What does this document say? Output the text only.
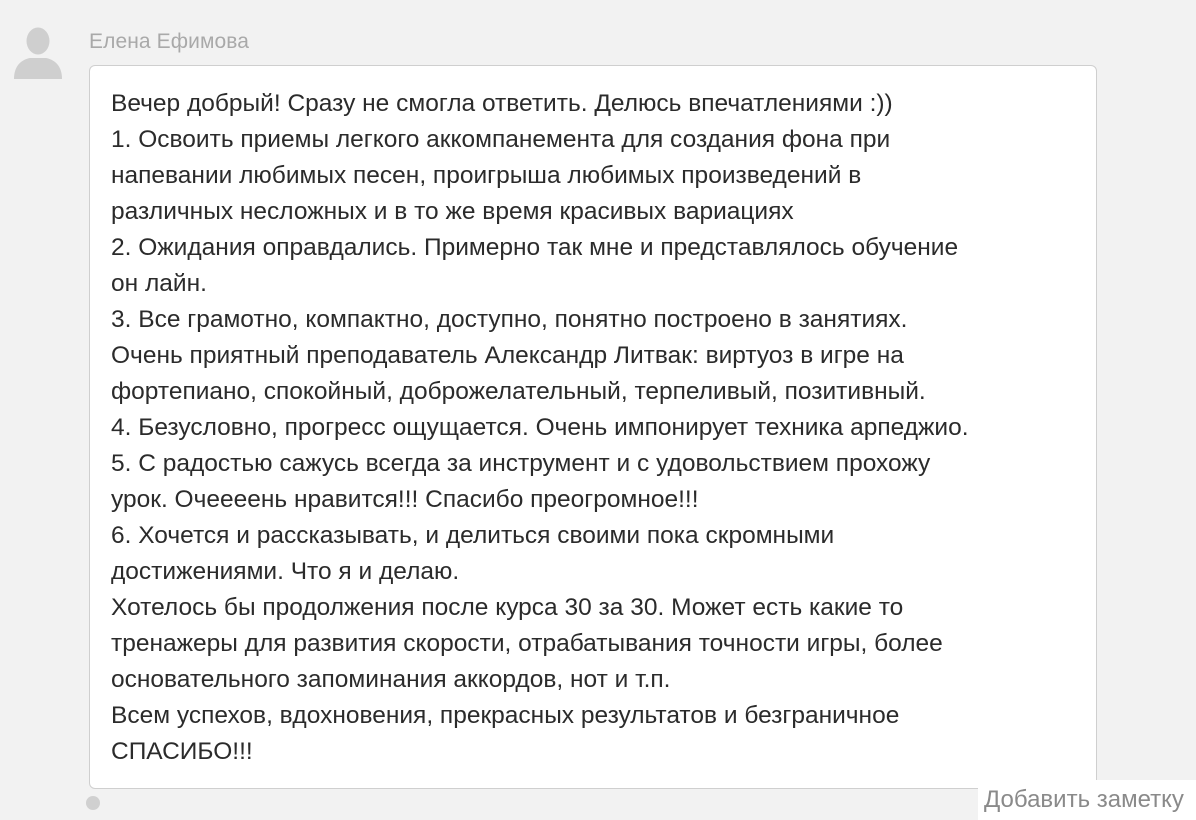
Елена Ефимова
Вечер добрый! Сразу не смогла ответить. Делюсь впечатлениями :))
1. Освоить приемы легкого аккомпанемента для создания фона при
напевании любимых песен, проигрыша любимых произведений в
различных несложных и в то же время красивых вариациях
2. Ожидания оправдались. Примерно так мне и представлялось обучение
он лайн.
3. Все грамотно, компактно, доступно, понятно построено в занятиях.
Очень приятный преподаватель Александр Литвак: виртуоз в игре на
фортепиано, спокойный, доброжелательный, терпеливый, позитивный.
4. Безусловно, прогресс ощущается. Очень импонирует техника арпеджио.
5. С радостью сажусь всегда за инструмент и с удовольствием прохожу
урок. Очеееень нравится!!! Спасибо преогромное!!!
6. Хочется и рассказывать, и делиться своими пока скромными
достижениями. Что я и делаю.
Хотелось бы продолжения после курса 30 за 30. Может есть какие то
тренажеры для развития скорости, отрабатывания точности игры, более
основательного запоминания аккордов, нот и т.п.
Всем успехов, вдохновения, прекрасных результатов и безграничное
СПАСИБО!!!
Добавить заметку
